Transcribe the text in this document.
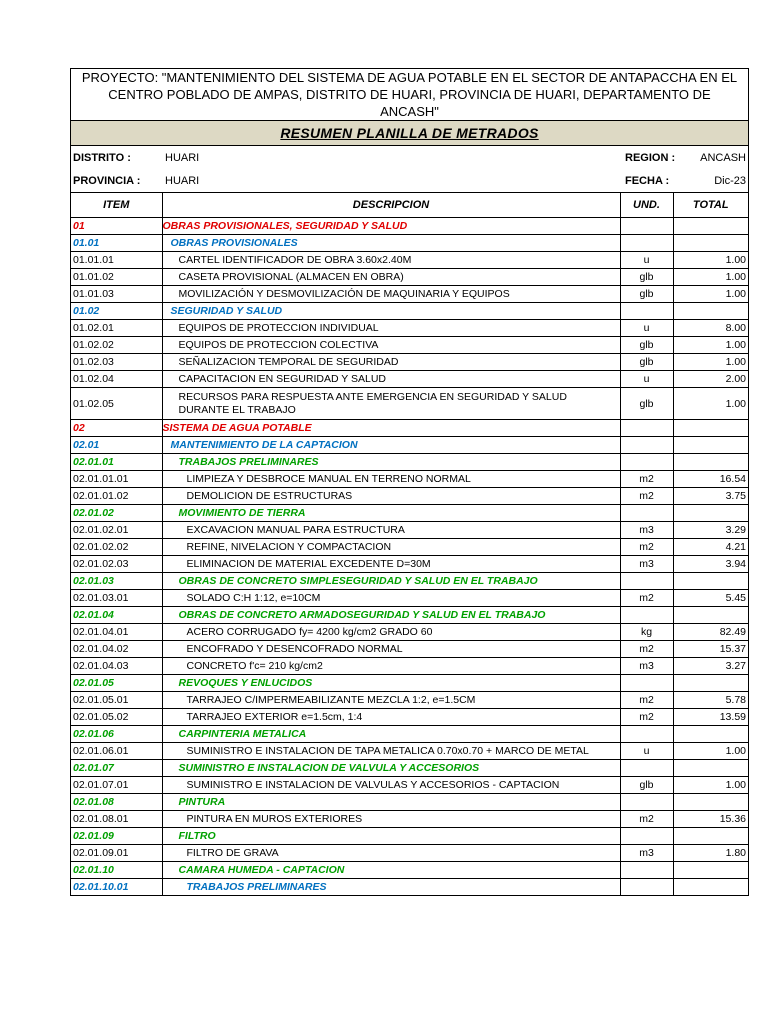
PROYECTO: "MANTENIMIENTO DEL SISTEMA DE AGUA POTABLE EN EL SECTOR DE ANTAPACCHA EN EL CENTRO POBLADO DE AMPAS, DISTRITO DE HUARI, PROVINCIA DE HUARI, DEPARTAMENTO DE ANCASH"
RESUMEN PLANILLA DE METRADOS
DISTRITO :	HUARI	REGION : ANCASH
PROVINCIA : HUARI	FECHA :	Dic-23
ITEM	DESCRIPCION	UND.	TOTAL
01	OBRAS PROVISIONALES, SEGURIDAD Y SALUD		
01.01	OBRAS PROVISIONALES		
01.01.01	CARTEL IDENTIFICADOR DE OBRA 3.60x2.40M	u	1.00
01.01.02	CASETA PROVISIONAL (ALMACEN EN OBRA)	glb	1.00
01.01.03	MOVILIZACIÓN Y DESMOVILIZACIÓN DE MAQUINARIA Y EQUIPOS	glb	1.00
01.02	SEGURIDAD Y SALUD		
01.02.01	EQUIPOS DE PROTECCION INDIVIDUAL	u	8.00
01.02.02	EQUIPOS DE PROTECCION COLECTIVA	glb	1.00
01.02.03	SEÑALIZACION TEMPORAL DE SEGURIDAD	glb	1.00
01.02.04	CAPACITACION EN SEGURIDAD Y SALUD	u	2.00
01.02.05	RECURSOS PARA RESPUESTA ANTE EMERGENCIA EN SEGURIDAD Y SALUD DURANTE EL TRABAJO	glb	1.00
02	SISTEMA DE AGUA POTABLE		
02.01	MANTENIMIENTO DE LA CAPTACION		
02.01.01	TRABAJOS PRELIMINARES		
02.01.01.01	LIMPIEZA Y DESBROCE MANUAL EN TERRENO NORMAL	m2	16.54
02.01.01.02	DEMOLICION DE ESTRUCTURAS	m2	3.75
02.01.02	MOVIMIENTO DE TIERRA		
02.01.02.01	EXCAVACION MANUAL PARA ESTRUCTURA	m3	3.29
02.01.02.02	REFINE, NIVELACION Y COMPACTACION	m2	4.21
02.01.02.03	ELIMINACION DE MATERIAL EXCEDENTE D=30M	m3	3.94
02.01.03	OBRAS DE CONCRETO SIMPLESEGURIDAD Y SALUD EN EL TRABAJO		
02.01.03.01	SOLADO C:H 1:12, e=10CM	m2	5.45
02.01.04	OBRAS DE CONCRETO ARMADOSEGURIDAD Y SALUD EN EL TRABAJO		
02.01.04.01	ACERO CORRUGADO fy= 4200 kg/cm2 GRADO 60	kg	82.49
02.01.04.02	ENCOFRADO Y DESENCOFRADO NORMAL	m2	15.37
02.01.04.03	CONCRETO f'c= 210 kg/cm2	m3	3.27
02.01.05	REVOQUES Y ENLUCIDOS		
02.01.05.01	TARRAJEO C/IMPERMEABILIZANTE MEZCLA 1:2, e=1.5CM	m2	5.78
02.01.05.02	TARRAJEO EXTERIOR e=1.5cm, 1:4	m2	13.59
02.01.06	CARPINTERIA METALICA		
02.01.06.01	SUMINISTRO E INSTALACION DE TAPA METALICA 0.70x0.70 + MARCO DE METAL	u	1.00
02.01.07	SUMINISTRO E INSTALACION DE VALVULA Y ACCESORIOS		
02.01.07.01	SUMINISTRO E INSTALACION DE VALVULAS Y ACCESORIOS - CAPTACION	glb	1.00
02.01.08	PINTURA		
02.01.08.01	PINTURA EN MUROS EXTERIORES	m2	15.36
02.01.09	FILTRO		
02.01.09.01	FILTRO DE GRAVA	m3	1.80
02.01.10	CAMARA HUMEDA - CAPTACION		
02.01.10.01	TRABAJOS PRELIMINARES		
